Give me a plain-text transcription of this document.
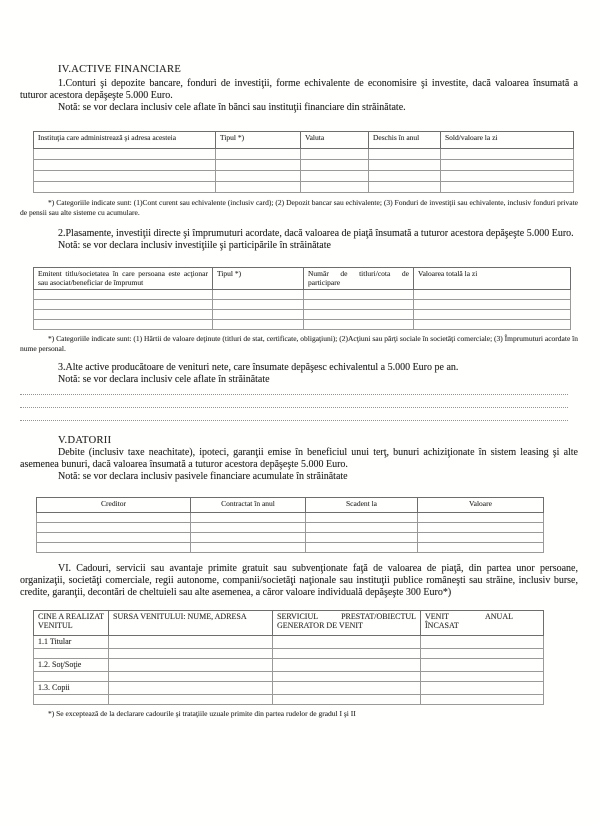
IV.ACTIVE FINANCIARE

1.Conturi şi depozite bancare, fonduri de investiţii, forme echivalente de economisire şi investite, dacă valoarea însumată a tuturor acestora depăşeşte 5.000 Euro.

Notă: se vor declara inclusiv cele aflate în bănci sau instituţii financiare din străinătate.

Instituţia care administrează şi adresa acesteia	Tipul *)	Valuta	Deschis în anul	Sold/valoare la zi

*) Categoriile indicate sunt: (1)Cont curent sau echivalente (inclusiv card); (2) Depozit bancar sau echivalente; (3) Fonduri de investiţii sau echivalente, inclusiv fonduri private de pensii sau alte sisteme cu acumulare.

2.Plasamente, investiţii directe şi împrumuturi acordate, dacă valoarea de piaţă însumată a tuturor acestora depăşeşte 5.000 Euro.

Notă: se vor declara inclusiv investiţiile şi participările în străinătate

Emitent titlu/societatea în care persoana este acţionar sau asociat/beneficiar de împrumut	Tipul *)	Număr de titluri/cota de participare	Valoarea totală la zi

*) Categoriile indicate sunt: (1) Hârtii de valoare deţinute (titluri de stat, certificate, obligaţiuni); (2)Acţiuni sau părţi sociale în societăţi comerciale; (3) Împrumuturi acordate în nume personal.

3.Alte active producătoare de venituri nete, care însumate depăşesc echivalentul a 5.000 Euro pe an.

Notă: se vor declara inclusiv cele aflate în străinătate

V.DATORII

Debite (inclusiv taxe neachitate), ipoteci, garanţii emise în beneficiul unui terţ, bunuri achiziţionate în sistem leasing şi alte asemenea bunuri, dacă valoarea însumată a tuturor acestora depăşeşte 5.000 Euro.

Notă: se vor declara inclusiv pasivele financiare acumulate în străinătate

Creditor	Contractat în anul	Scadent la	Valoare

VI. Cadouri, servicii sau avantaje primite gratuit sau subvenţionate faţă de valoarea de piaţă, din partea unor persoane, organizaţii, societăţi comerciale, regii autonome, companii/societăţi naţionale sau instituţii publice româneşti sau străine, inclusiv burse, credite, garanţii, decontări de cheltuieli sau alte asemenea, a căror valoare individuală depăşeşte 300 Euro*)

CINE A REALIZAT VENITUL	SURSA VENITULUI: NUME, ADRESA	SERVICIUL PRESTAT/OBIECTUL GENERATOR DE VENIT	VENIT ANUAL ÎNCASAT
1.1 Titular			

1.2. Soţ/Soţie			

1.3. Copii			

*) Se exceptează de la declarare cadourile şi trataţiile uzuale primite din partea rudelor de gradul I şi II
